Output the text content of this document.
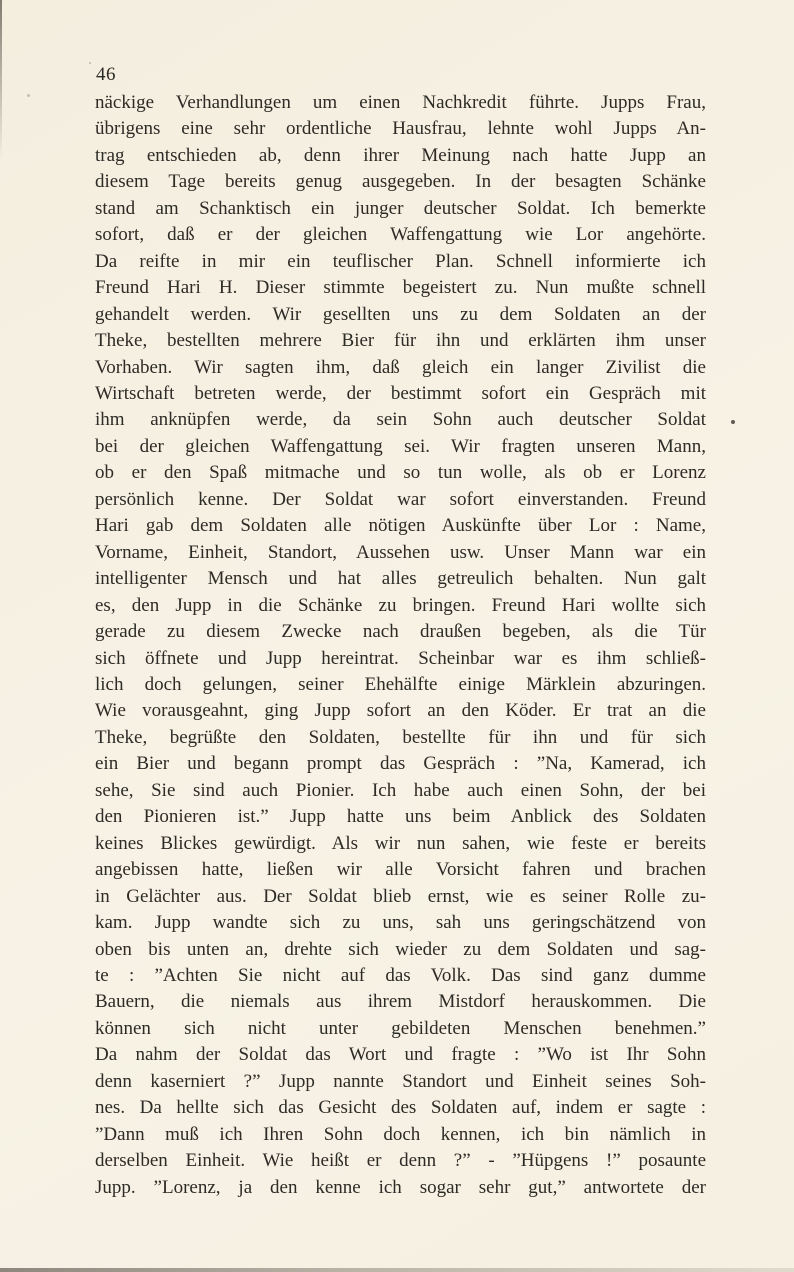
46
näckige Verhandlungen um einen Nachkredit führte. Jupps Frau,
übrigens eine sehr ordentliche Hausfrau, lehnte wohl Jupps An-
trag entschieden ab, denn ihrer Meinung nach hatte Jupp an
diesem Tage bereits genug ausgegeben. In der besagten Schänke
stand am Schanktisch ein junger deutscher Soldat. Ich bemerkte
sofort, daß er der gleichen Waffengattung wie Lor angehörte.
Da reifte in mir ein teuflischer Plan. Schnell informierte ich
Freund Hari H. Dieser stimmte begeistert zu. Nun mußte schnell
gehandelt werden. Wir gesellten uns zu dem Soldaten an der
Theke, bestellten mehrere Bier für ihn und erklärten ihm unser
Vorhaben. Wir sagten ihm, daß gleich ein langer Zivilist die
Wirtschaft betreten werde, der bestimmt sofort ein Gespräch mit
ihm anknüpfen werde, da sein Sohn auch deutscher Soldat
bei der gleichen Waffengattung sei. Wir fragten unseren Mann,
ob er den Spaß mitmache und so tun wolle, als ob er Lorenz
persönlich kenne. Der Soldat war sofort einverstanden. Freund
Hari gab dem Soldaten alle nötigen Auskünfte über Lor : Name,
Vorname, Einheit, Standort, Aussehen usw. Unser Mann war ein
intelligenter Mensch und hat alles getreulich behalten. Nun galt
es, den Jupp in die Schänke zu bringen. Freund Hari wollte sich
gerade zu diesem Zwecke nach draußen begeben, als die Tür
sich öffnete und Jupp hereintrat. Scheinbar war es ihm schließ-
lich doch gelungen, seiner Ehehälfte einige Märklein abzuringen.
Wie vorausgeahnt, ging Jupp sofort an den Köder. Er trat an die
Theke, begrüßte den Soldaten, bestellte für ihn und für sich
ein Bier und begann prompt das Gespräch : ”Na, Kamerad, ich
sehe, Sie sind auch Pionier. Ich habe auch einen Sohn, der bei
den Pionieren ist.” Jupp hatte uns beim Anblick des Soldaten
keines Blickes gewürdigt. Als wir nun sahen, wie feste er bereits
angebissen hatte, ließen wir alle Vorsicht fahren und brachen
in Gelächter aus. Der Soldat blieb ernst, wie es seiner Rolle zu-
kam. Jupp wandte sich zu uns, sah uns geringschätzend von
oben bis unten an, drehte sich wieder zu dem Soldaten und sag-
te : ”Achten Sie nicht auf das Volk. Das sind ganz dumme
Bauern, die niemals aus ihrem Mistdorf herauskommen. Die
können sich nicht unter gebildeten Menschen benehmen.”
Da nahm der Soldat das Wort und fragte : ”Wo ist Ihr Sohn
denn kaserniert ?” Jupp nannte Standort und Einheit seines Soh-
nes. Da hellte sich das Gesicht des Soldaten auf, indem er sagte :
”Dann muß ich Ihren Sohn doch kennen, ich bin nämlich in
derselben Einheit. Wie heißt er denn ?” - ”Hüpgens !” posaunte
Jupp. ”Lorenz, ja den kenne ich sogar sehr gut,” antwortete der
